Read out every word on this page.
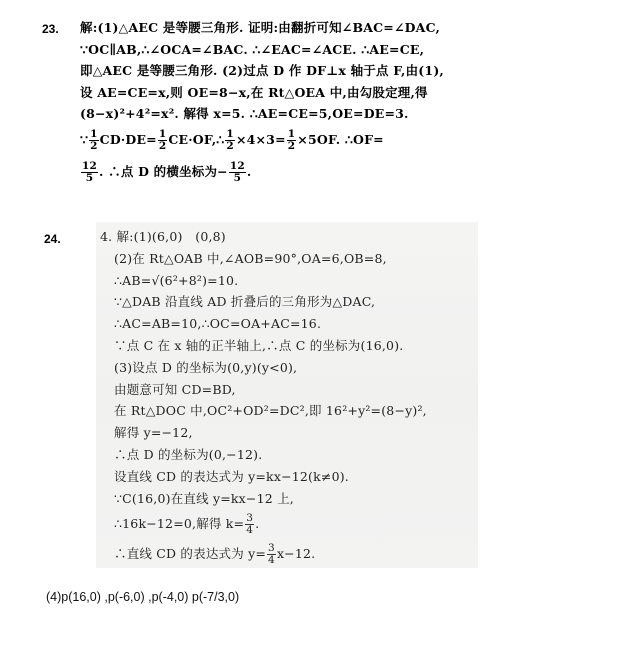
23. 解:(1)△AEC 是等腰三角形. 证明:由翻折可知∠BAC=∠DAC,
∵OC∥AB,∴∠OCA=∠BAC. ∴∠EAC=∠ACE. ∴AE=CE,
即△AEC 是等腰三角形. (2)过点 D 作 DF⊥x 轴于点 F,由(1),
设 AE=CE=x,则 OE=8−x,在 Rt△OEA 中,由勾股定理,得
(8−x)²+4²=x². 解得 x=5. ∴AE=CE=5,OE=DE=3.
∵ $\frac{1}{2} CD\cdot DE= \frac{1}{2}$ CE·OF,∴ $\frac{1}{2} \times 4\times 3= \frac{1}{2} \times 5OF$. ∴OF=
$\frac{12}{5}$ . ∴点 D 的横坐标为− $\frac{12}{5}$ .
24.	4. 解:(1)(6,0)　(0,8)
(2)在 Rt△OAB 中,∠AOB=90°,OA=6,OB=8,
∴AB=√(6²+8²)=10.
∵△DAB 沿直线 AD 折叠后的三角形为△DAC,
∴AC=AB=10,∴OC=OA+AC=16.
∵点 C 在 x 轴的正半轴上,∴点 C 的坐标为(16,0).
(3)设点 D 的坐标为(0,y)(y<0),
由题意可知 CD=BD,
在 Rt△DOC 中,OC²+OD²=DC²,即 16²+y²=(8−y)²,
解得 y=−12,
∴点 D 的坐标为(0,−12).
设直线 CD 的表达式为 y=kx−12(k≠0).
∵C(16,0)在直线 y=kx−12 上,
∴16k−12=0,解得 $k= \frac{3}{4}$ .
∴直线 CD 的表达式为 $y= \frac{3}{4} x-12$.
(4)p(16,0) ,p(-6,0) ,p(-4,0) p(-7/3,0)
